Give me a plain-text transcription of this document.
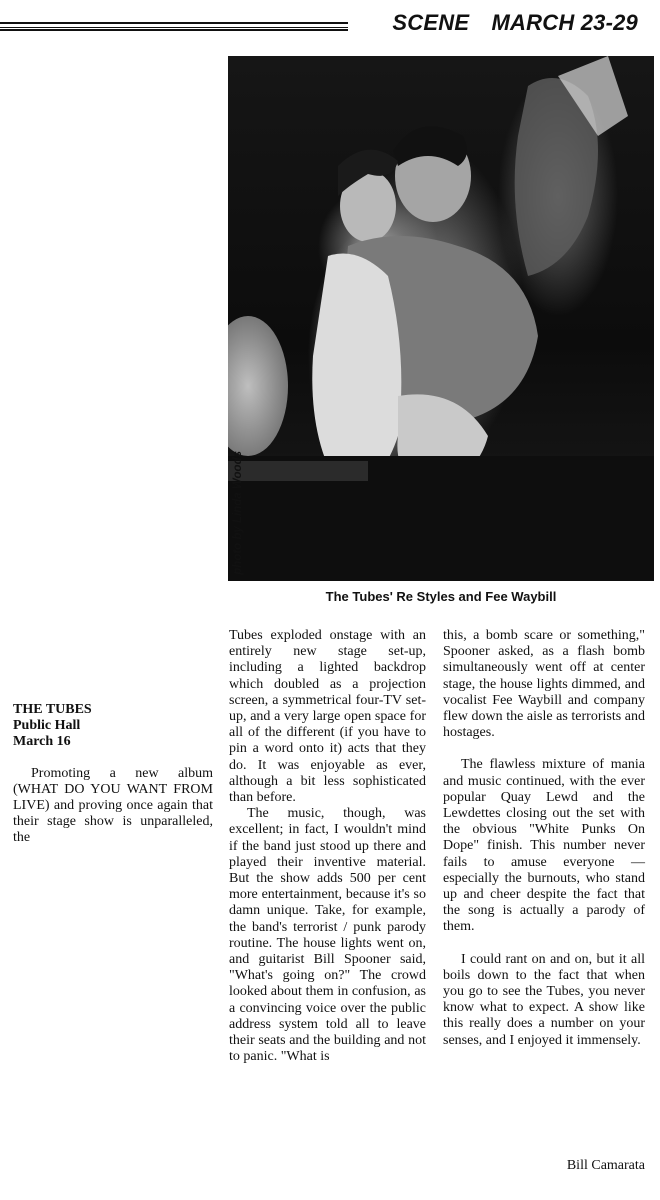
SCENE MARCH 23-29
photo by Linda Woods
The Tubes' Re Styles and Fee Waybill
THE TUBES
Public Hall
March 16

Promoting a new album (WHAT DO YOU WANT FROM LIVE) and proving once again that their stage show is unparalleled, the

Tubes exploded onstage with an entirely new stage set-up, including a lighted backdrop which doubled as a projection screen, a symmetrical four-TV set-up, and a very large open space for all of the different (if you have to pin a word onto it) acts that they do. It was enjoyable as ever, although a bit less sophisticated than before.

The music, though, was excellent; in fact, I wouldn't mind if the band just stood up there and played their inventive material. But the show adds 500 per cent more entertainment, because it's so damn unique. Take, for example, the band's terrorist / punk parody routine. The house lights went on, and guitarist Bill Spooner said, "What's going on?" The crowd looked about them in confusion, as a convincing voice over the public address system told all to leave their seats and the building and not to panic. "What is

this, a bomb scare or something," Spooner asked, as a flash bomb simultaneously went off at center stage, the house lights dimmed, and vocalist Fee Waybill and company flew down the aisle as terrorists and hostages.

The flawless mixture of mania and music continued, with the ever popular Quay Lewd and the Lewdettes closing out the set with the obvious "White Punks On Dope" finish. This number never fails to amuse everyone — especially the burnouts, who stand up and cheer despite the fact that the song is actually a parody of them.

I could rant on and on, but it all boils down to the fact that when you go to see the Tubes, you never know what to expect. A show like this really does a number on your senses, and I enjoyed it immensely.

Bill Camarata
